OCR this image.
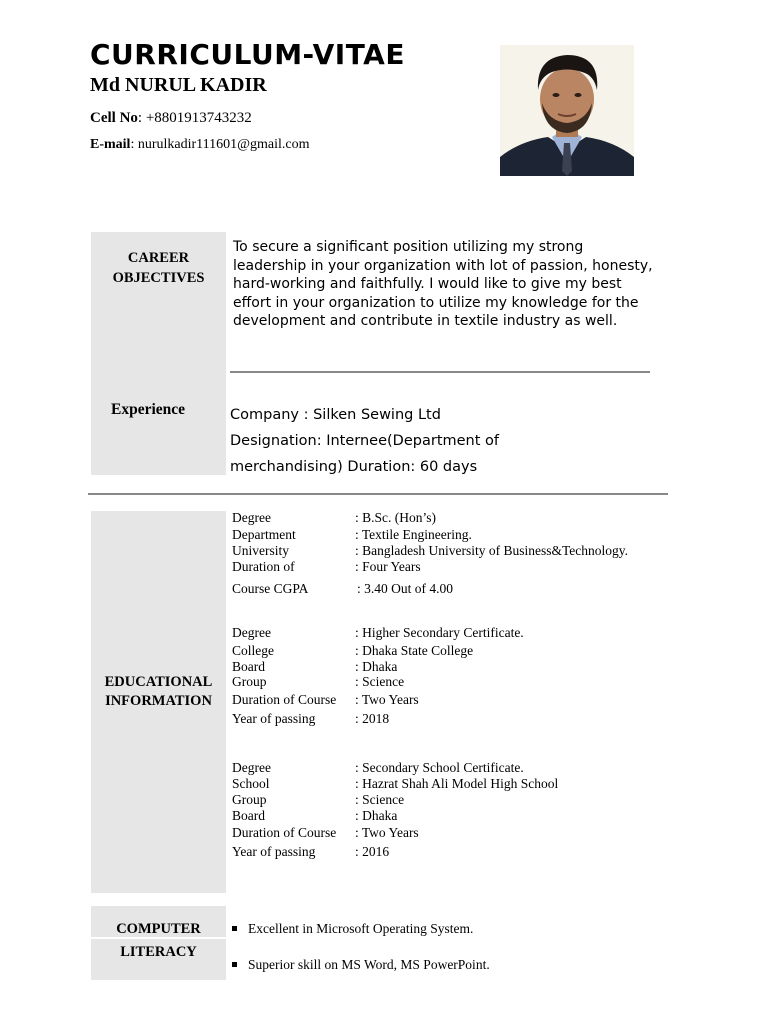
CURRICULUM-VITAE
Md NURUL KADIR
Cell No: +8801913743232
E-mail: nurulkadir111601@gmail.com
CAREER
OBJECTIVES
To secure a significant position utilizing my strong leadership in your organization with lot of passion, honesty, hard-working and faithfully. I would like to give my best effort in your organization to utilize my knowledge for the development and contribute in textile industry as well.
Experience	Company : Silken Sewing Ltd
Designation: Internee(Department of
merchandising) Duration: 60 days
EDUCATIONAL
INFORMATION
Degree	: B.Sc. (Hon’s)
Department	: Textile Engineering.
University	: Bangladesh University of Business&Technology.
Duration of	: Four Years
Course CGPA	: 3.40 Out of 4.00
Degree	: Higher Secondary Certificate.
College	: Dhaka State College
Board	: Dhaka
Group	: Science
Duration of Course : Two Years
Year of passing	: 2018
Degree	: Secondary School Certificate.
School	: Hazrat Shah Ali Model High School
Group	: Science
Board	: Dhaka
Duration of Course : Two Years
Year of passing	: 2016
COMPUTER
LITERACY
Excellent in Microsoft Operating System.
Superior skill on MS Word, MS PowerPoint.
